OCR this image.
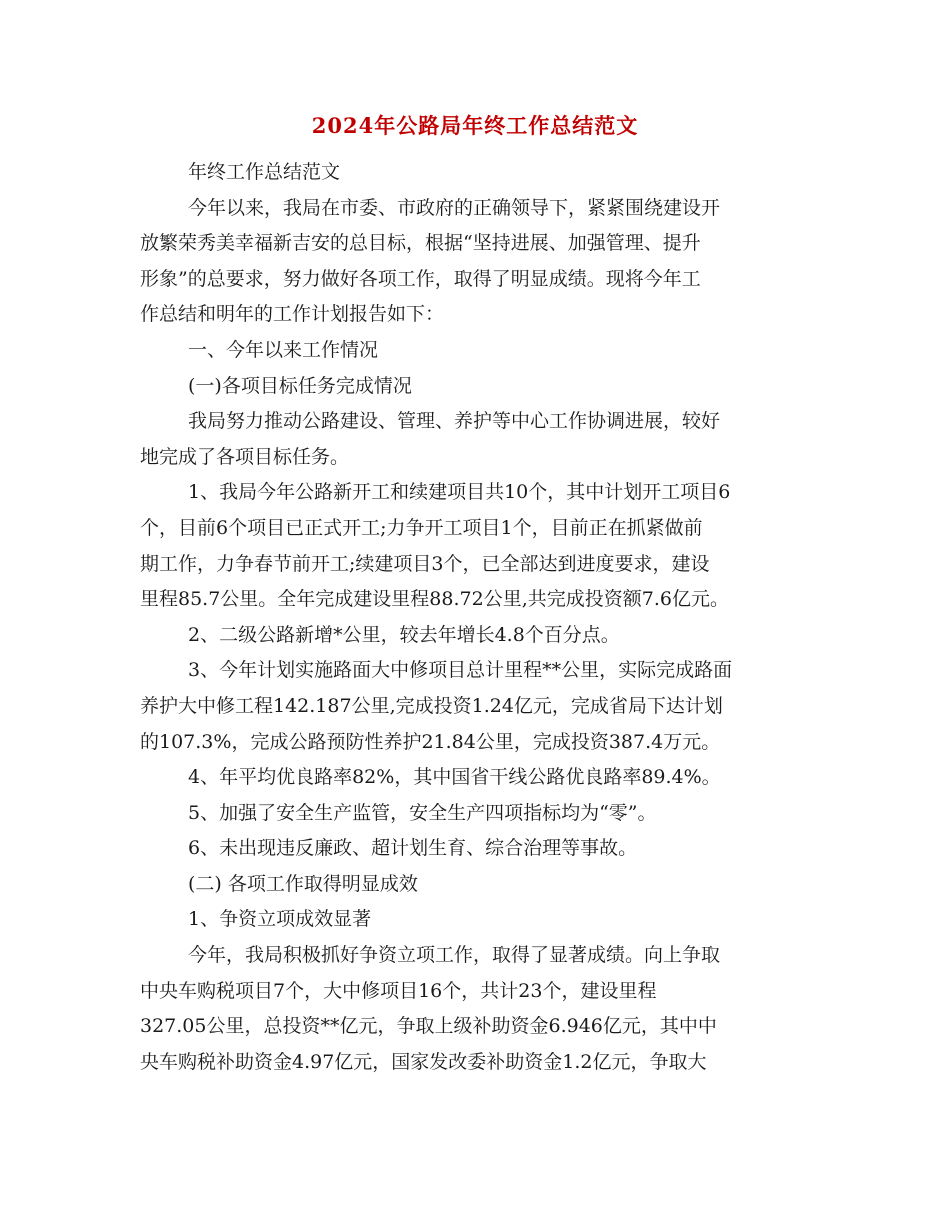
2024年公路局年终工作总结范文
年终工作总结范文
今年以来，我局在市委、市政府的正确领导下，紧紧围绕建设开
放繁荣秀美幸福新吉安的总目标，根据“坚持进展、加强管理、提升
形象”的总要求，努力做好各项工作，取得了明显成绩。现将今年工
作总结和明年的工作计划报告如下：
一、今年以来工作情况
(一)各项目标任务完成情况
我局努力推动公路建设、管理、养护等中心工作协调进展，较好
地完成了各项目标任务。
1、我局今年公路新开工和续建项目共10个，其中计划开工项目6
个，目前6个项目已正式开工;力争开工项目1个，目前正在抓紧做前
期工作，力争春节前开工;续建项目3个，已全部达到进度要求，建设
里程85.7公里。全年完成建设里程88.72公里,共完成投资额7.6亿元。
2、二级公路新增*公里，较去年增长4.8个百分点。
3、今年计划实施路面大中修项目总计里程**公里，实际完成路面
养护大中修工程142.187公里,完成投资1.24亿元，完成省局下达计划
的107.3%，完成公路预防性养护21.84公里，完成投资387.4万元。
4、年平均优良路率82%，其中国省干线公路优良路率89.4%。
5、加强了安全生产监管，安全生产四项指标均为“零”。
6、未出现违反廉政、超计划生育、综合治理等事故。
(二) 各项工作取得明显成效
1、争资立项成效显著
今年，我局积极抓好争资立项工作，取得了显著成绩。向上争取
中央车购税项目7个，大中修项目16个，共计23个，建设里程
327.05公里，总投资**亿元，争取上级补助资金6.946亿元，其中中
央车购税补助资金4.97亿元，国家发改委补助资金1.2亿元，争取大
